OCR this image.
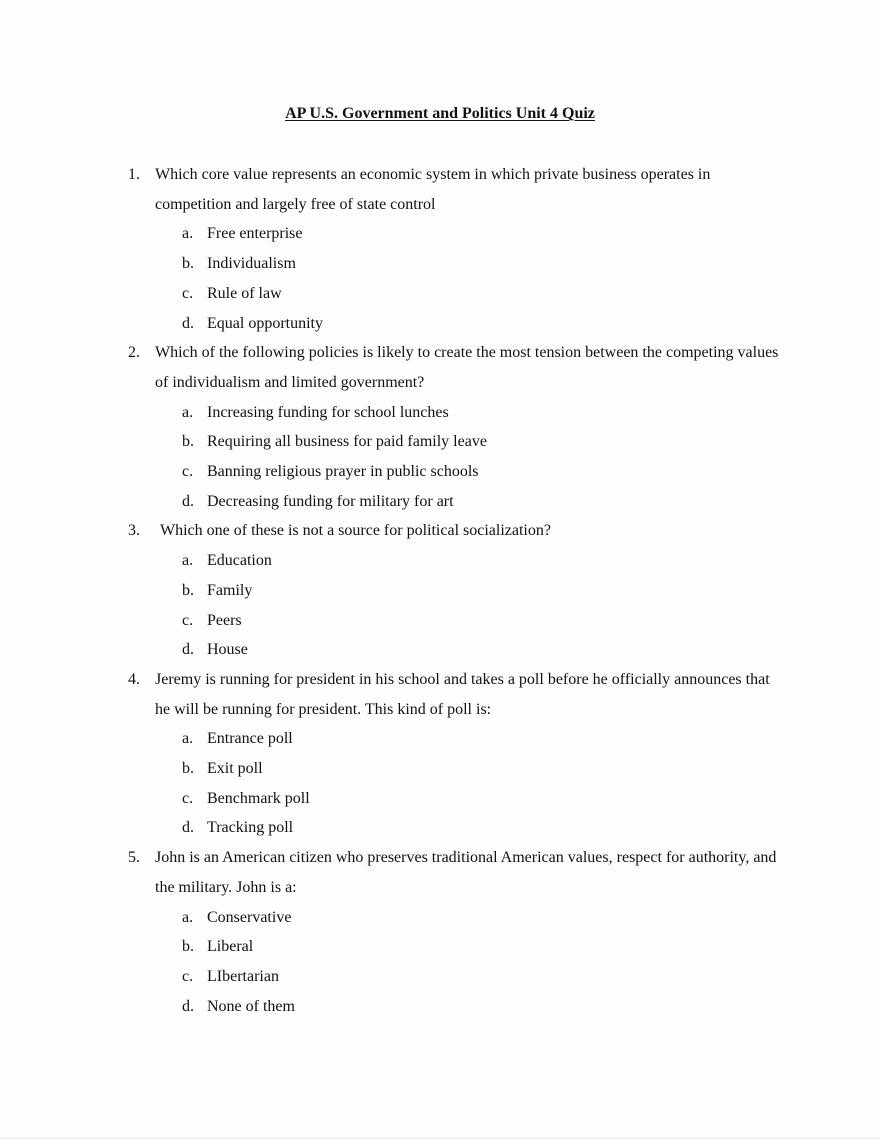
AP U.S. Government and Politics Unit 4 Quiz
1. Which core value represents an economic system in which private business operates in competition and largely free of state control
a. Free enterprise
b. Individualism
c. Rule of law
d. Equal opportunity
2. Which of the following policies is likely to create the most tension between the competing values of individualism and limited government?
a. Increasing funding for school lunches
b. Requiring all business for paid family leave
c. Banning religious prayer in public schools
d. Decreasing funding for military for art
3.	Which one of these is not a source for political socialization?
a. Education
b. Family
c. Peers
d. House
4. Jeremy is running for president in his school and takes a poll before he officially announces that he will be running for president. This kind of poll is:
a. Entrance poll
b. Exit poll
c. Benchmark poll
d. Tracking poll
5. John is an American citizen who preserves traditional American values, respect for authority, and the military. John is a:
a. Conservative
b. Liberal
c. LIbertarian
d. None of them
